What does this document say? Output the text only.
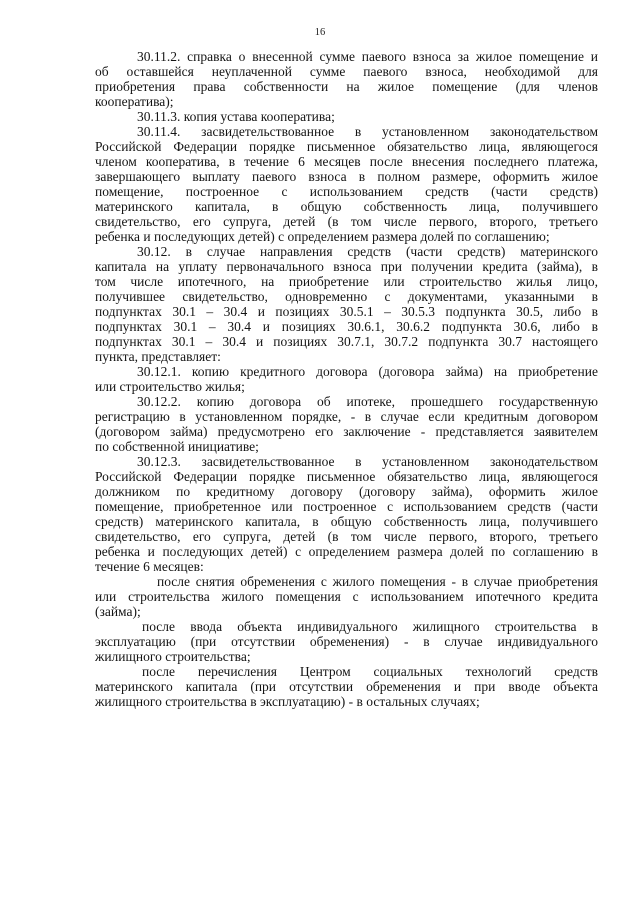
16
30.11.2. справка о внесенной сумме паевого взноса за жилое помещение и
об оставшейся неуплаченной сумме паевого взноса, необходимой для
приобретения права собственности на жилое помещение (для членов
кооператива);
30.11.3. копия устава кооператива;
30.11.4. засвидетельствованное в установленном законодательством
Российской Федерации порядке письменное обязательство лица, являющегося
членом кооператива, в течение 6 месяцев после внесения последнего платежа,
завершающего выплату паевого взноса в полном размере, оформить жилое
помещение, построенное с использованием средств (части средств)
материнского капитала, в общую собственность лица, получившего
свидетельство, его супруга, детей (в том числе первого, второго, третьего
ребенка и последующих детей) с определением размера долей по соглашению;
30.12. в случае направления средств (части средств) материнского
капитала на уплату первоначального взноса при получении кредита (займа), в
том числе ипотечного, на приобретение или строительство жилья лицо,
получившее свидетельство, одновременно с документами, указанными в
подпунктах 30.1 – 30.4 и позициях 30.5.1 – 30.5.3 подпункта 30.5, либо в
подпунктах 30.1 – 30.4 и позициях 30.6.1, 30.6.2 подпункта 30.6, либо в
подпунктах 30.1 – 30.4 и позициях 30.7.1, 30.7.2 подпункта 30.7 настоящего
пункта, представляет:
30.12.1. копию кредитного договора (договора займа) на приобретение
или строительство жилья;
30.12.2. копию договора об ипотеке, прошедшего государственную
регистрацию в установленном порядке, - в случае если кредитным договором
(договором займа) предусмотрено его заключение - представляется заявителем
по собственной инициативе;
30.12.3. засвидетельствованное в установленном законодательством
Российской Федерации порядке письменное обязательство лица, являющегося
должником по кредитному договору (договору займа), оформить жилое
помещение, приобретенное или построенное с использованием средств (части
средств) материнского капитала, в общую собственность лица, получившего
свидетельство, его супруга, детей (в том числе первого, второго, третьего
ребенка и последующих детей) с определением размера долей по соглашению в
течение 6 месяцев:
после снятия обременения с жилого помещения - в случае приобретения
или строительства жилого помещения с использованием ипотечного кредита
(займа);
после ввода объекта индивидуального жилищного строительства в
эксплуатацию (при отсутствии обременения) - в случае индивидуального
жилищного строительства;
после перечисления Центром социальных технологий средств
материнского капитала (при отсутствии обременения и при вводе объекта
жилищного строительства в эксплуатацию) - в остальных случаях;
